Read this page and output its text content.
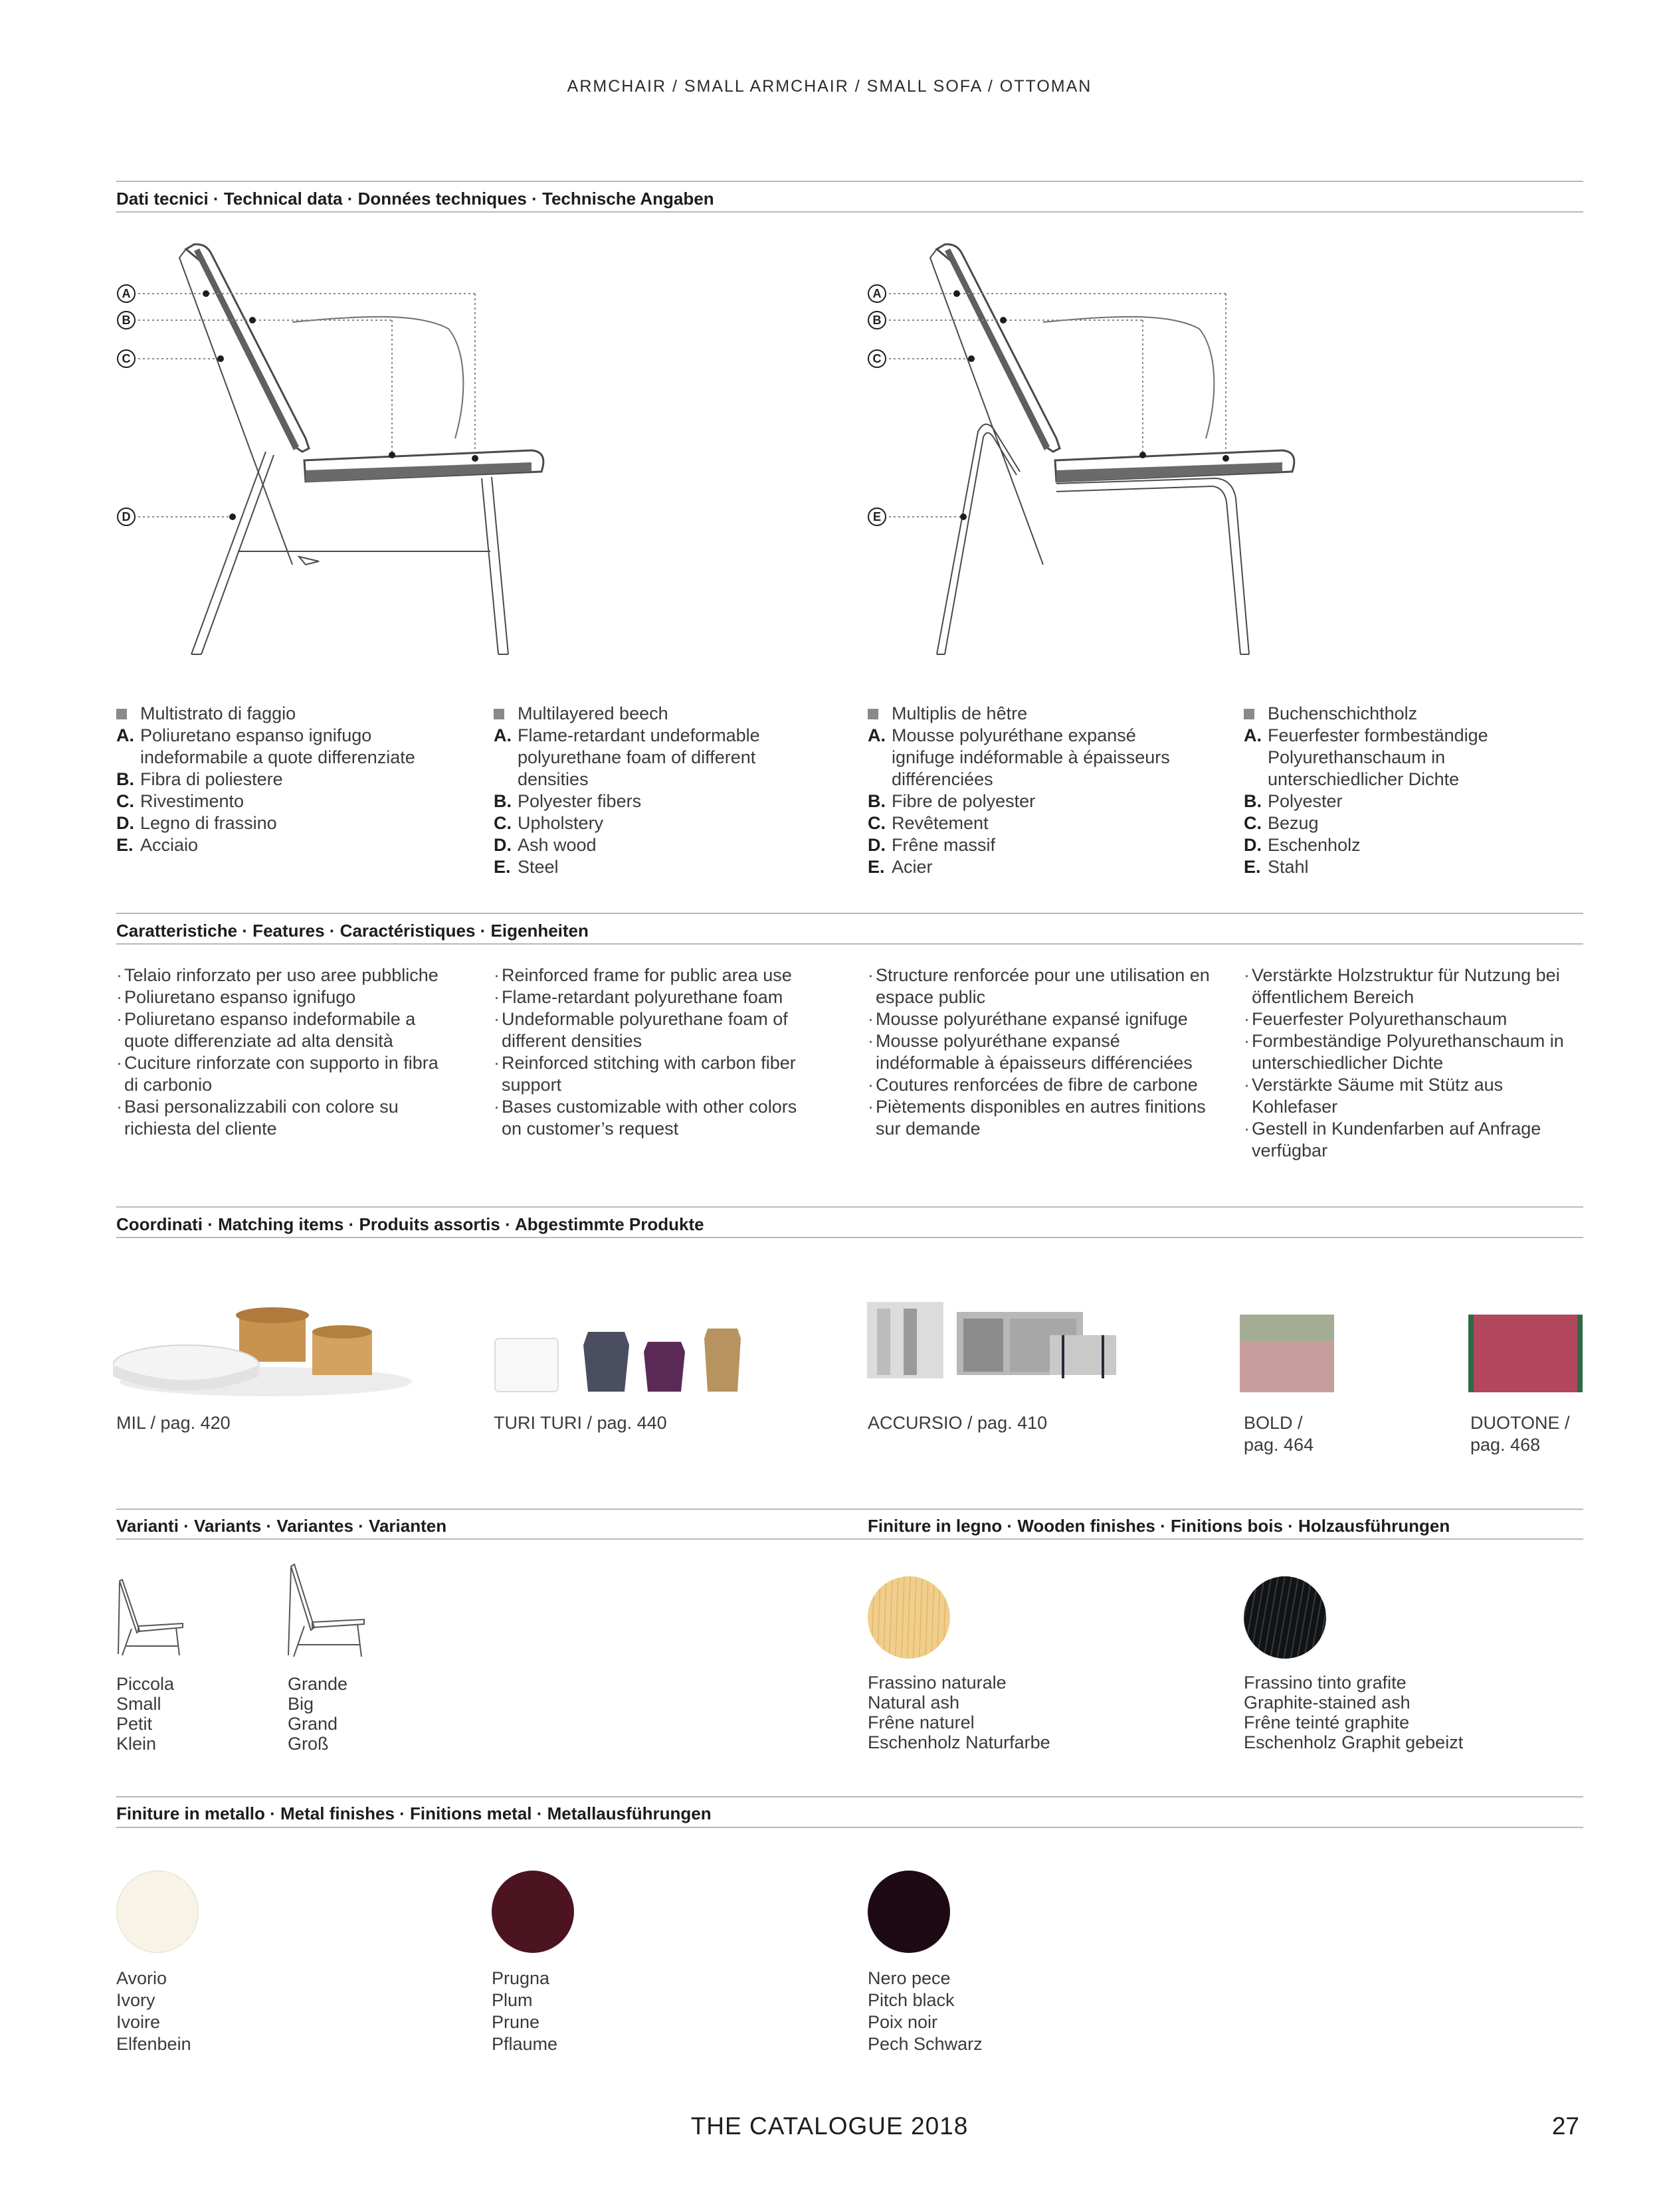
ARMCHAIR / SMALL ARMCHAIR / SMALL SOFA / OTTOMAN
Dati tecnici · Technical data · Données techniques · Technische Angaben
A
B
C
D
A
B
C
E
Multistrato di faggio
A. Poliuretano espanso ignifugo indeformabile a quote differenziate
B. Fibra di poliestere
C. Rivestimento
D. Legno di frassino
E. Acciaio
Multilayered beech
A. Flame-retardant undeformable polyurethane foam of different densities
B. Polyester fibers
C. Upholstery
D. Ash wood
E. Steel
Multiplis de hêtre
A. Mousse polyuréthane expansé ignifuge indéformable à épaisseurs différenciées
B. Fibre de polyester
C. Revêtement
D. Frêne massif
E. Acier
Buchenschichtholz
A. Feuerfester formbeständige Polyurethanschaum in unterschiedlicher Dichte
B. Polyester
C. Bezug
D. Eschenholz
E. Stahl
Caratteristiche · Features · Caractéristiques · Eigenheiten
· Telaio rinforzato per uso aree pubbliche
· Poliuretano espanso ignifugo
· Poliuretano espanso indeformabile a quote differenziate ad alta densità
· Cuciture rinforzate con supporto in fibra di carbonio
· Basi personalizzabili con colore su richiesta del cliente
· Reinforced frame for public area use
· Flame-retardant polyurethane foam
· Undeformable polyurethane foam of different densities
· Reinforced stitching with carbon fiber support
· Bases customizable with other colors on customer’s request
· Structure renforcée pour une utilisation en espace public
· Mousse polyuréthane expansé ignifuge
· Mousse polyuréthane expansé indéformable à épaisseurs différenciées
· Coutures renforcées de fibre de carbone
· Piètements disponibles en autres finitions sur demande
· Verstärkte Holzstruktur für Nutzung bei öffentlichem Bereich
· Feuerfester Polyurethanschaum
· Formbeständige Polyurethanschaum in unterschiedlicher Dichte
· Verstärkte Säume mit Stütz aus Kohlefaser
· Gestell in Kundenfarben auf Anfrage verfügbar
Coordinati · Matching items · Produits assortis · Abgestimmte Produkte
MIL / pag. 420	TURI TURI / pag. 440	ACCURSIO / pag. 410	BOLD /
pag. 464
DUOTONE /
pag. 468
Varianti · Variants · Variantes · Varianten	Finiture in legno · Wooden finishes · Finitions bois · Holzausführungen
Piccola
Small
Petit
Klein
Grande
Big
Grand
Groß
Frassino naturale
Natural ash
Frêne naturel
Eschenholz Naturfarbe
Frassino tinto grafite
Graphite-stained ash
Frêne teinté graphite
Eschenholz Graphit gebeizt
Finiture in metallo · Metal finishes · Finitions metal · Metallausführungen
Avorio
Ivory
Ivoire
Elfenbein
Prugna
Plum
Prune
Pflaume
Nero pece
Pitch black
Poix noir
Pech Schwarz
THE CATALOGUE 2018	27
